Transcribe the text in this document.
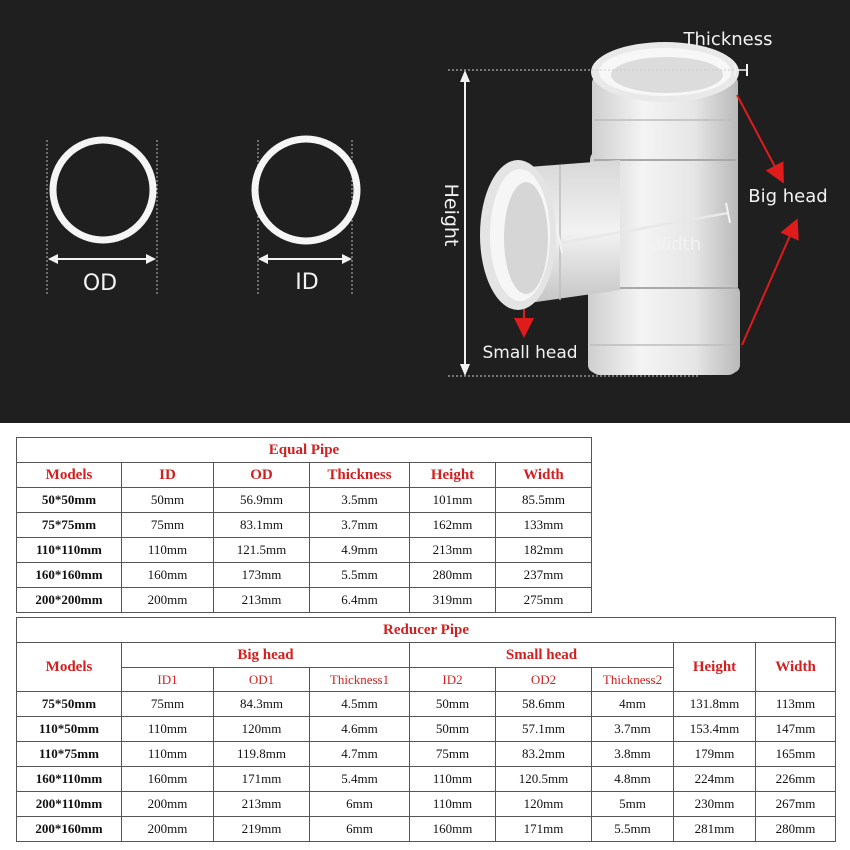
OD	ID
Height
Thickness
Width
Big head
Small head
Equal Pipe					
Models	ID	OD	Thickness	Height	Width
50*50mm	50mm	56.9mm	3.5mm	101mm	85.5mm
75*75mm	75mm	83.1mm	3.7mm	162mm	133mm
110*110mm	110mm	121.5mm	4.9mm	213mm	182mm
160*160mm	160mm	173mm	5.5mm	280mm	237mm
200*200mm	200mm	213mm	6.4mm	319mm	275mm
Reducer Pipe								
Models	Big head			Small head			Height	Width
	ID1	OD1	Thickness1	ID2	OD2	Thickness2		
75*50mm	75mm	84.3mm	4.5mm	50mm	58.6mm	4mm	131.8mm	113mm
110*50mm	110mm	120mm	4.6mm	50mm	57.1mm	3.7mm	153.4mm	147mm
110*75mm	110mm	119.8mm	4.7mm	75mm	83.2mm	3.8mm	179mm	165mm
160*110mm	160mm	171mm	5.4mm	110mm	120.5mm	4.8mm	224mm	226mm
200*110mm	200mm	213mm	6mm	110mm	120mm	5mm	230mm	267mm
200*160mm	200mm	219mm	6mm	160mm	171mm	5.5mm	281mm	280mm
